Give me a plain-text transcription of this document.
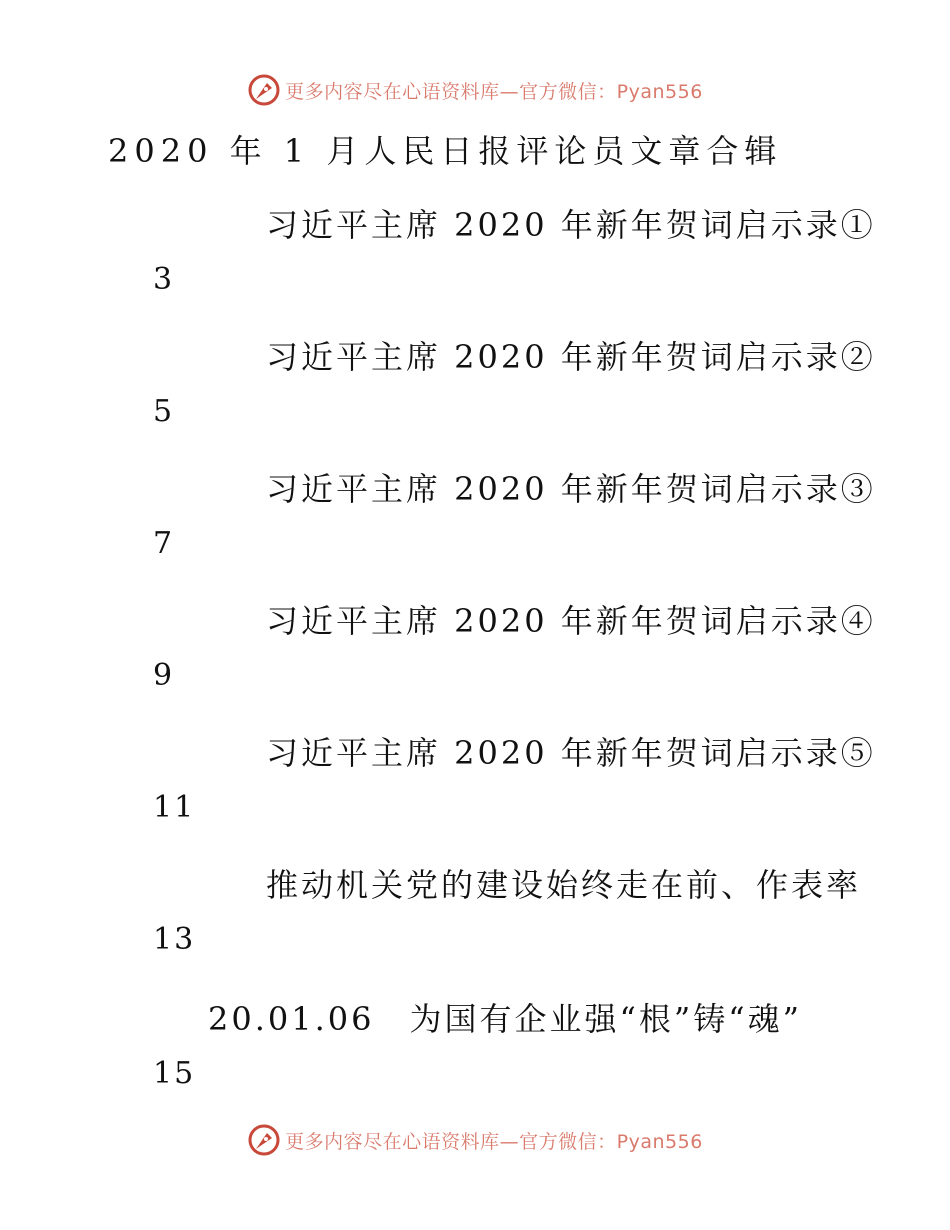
更多内容尽在心语资料库—官方微信：Pyan556
2020 年 1 月人民日报评论员文章合辑
习近平主席 2020 年新年贺词启示录①
3
习近平主席 2020 年新年贺词启示录②
5
习近平主席 2020 年新年贺词启示录③
7
习近平主席 2020 年新年贺词启示录④
9
习近平主席 2020 年新年贺词启示录⑤
11
推动机关党的建设始终走在前、作表率
13
20.01.06　为国有企业强“根”铸“魂”
15
更多内容尽在心语资料库—官方微信：Pyan556
